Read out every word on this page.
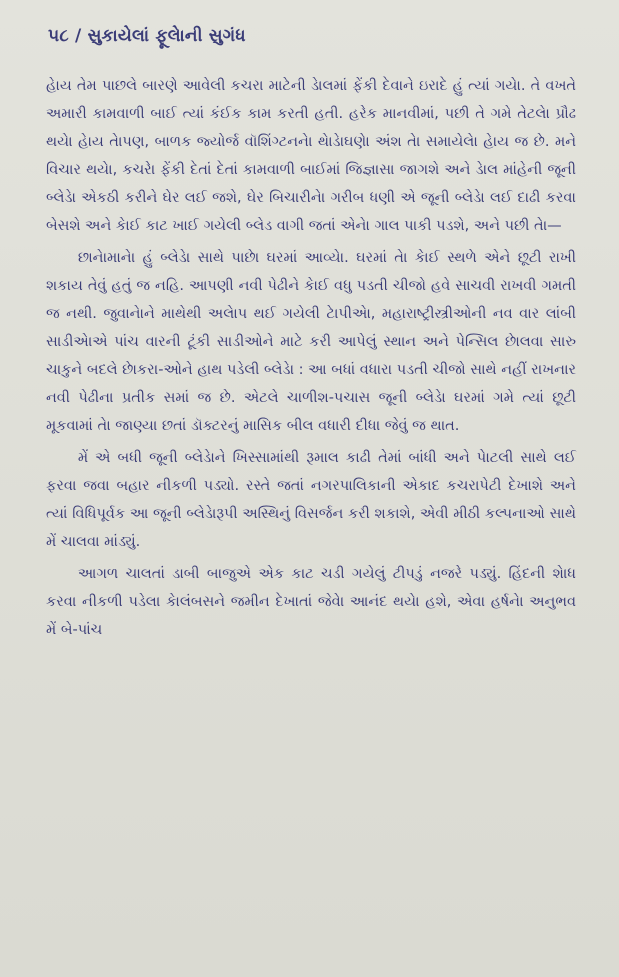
૫૮ / સુકાયેલાં ફૂલેાની સુગંધ

હેાય તેમ પાછલે બારણે આવેલી કચરા માટેની ડેાલમાં ફેંકી દેવાને ઇરાદે હું ત્યાં ગયેા. તે વખતે અમારી કામવાળી બાઈ ત્યાં કંઈક કામ કરતી હતી. હરેક માનવીમાં, પછી તે ગમે તેટલેા પ્રૌઢ થયેા હેાય તેાપણ, બાળક જ્યોર્જ વૉશિંગ્ટનનેા થેાડેાઘણેા અંશ તેા સમાયેલેા હેાય જ છે. મને વિચાર થયેા, કચરેા ફેંકી દેતાં દેતાં કામવાળી બાઈમાં જિજ્ઞાસા જાગશે અને ડેાલ માંહેની જૂની બ્લેડેા એકઠી કરીને ઘેર લઈ જશે, ઘેર બિચારીનેા ગરીબ ધણી એ જૂની બ્લેડેા લઈ દાઢી કરવા બેસશે અને કેાઈ કાટ ખાઈ ગયેલી બ્લેડ વાગી જતાં એનેા ગાલ પાકી પડશે, અને પછી તેા—

છાનેામાનેા હું બ્લેડેા સાથે પાછેા ઘરમાં આવ્યેા. ઘરમાં તેા કેાઈ સ્થળે એને છૂટી રાખી શકાય તેવું હતું જ નહિ. આપણી નવી પેઢીને કેાઈ વધુ પડતી ચીજો હવે સાચવી રાખવી ગમતી જ નથી. જુવાનેાને માથેથી અલેાપ થઈ ગયેલી ટેાપીએા, મહારાષ્ટ્રીસ્ત્રીઓની નવ વાર લાંબી સાડીએાએ પાંચ વારની ટૂંકી સાડીઓને માટે કરી આપેલું સ્થાન અને પેન્સિલ છેાલવા સારુ ચાકુને બદલે છેાકરા-ઓને હાથ પડેલી બ્લેડેા : આ બધાં વધારા પડતી ચીજો સાથે નહીં રાખનાર નવી પેઢીના પ્રતીક સમાં જ છે. એટલે ચાળીશ-પચાસ જૂની બ્લેડેા ઘરમાં ગમે ત્યાં છૂટી મૂકવામાં તેા જાણ્યા છતાં ડૉક્ટરનું માસિક બીલ વધારી દીધા જેવું જ થાત.

મેં એ બધી જૂની બ્લેડેાને ખિસ્સામાંથી રૂમાલ કાઢી તેમાં બાંધી અને પેાટલી સાથે લઈ ફરવા જવા બહાર નીકળી પડ્યો. રસ્તે જતાં નગરપાલિકાની એકાદ કચરાપેટી દેખાશે અને ત્યાં વિધિપૂર્વક આ જૂની બ્લેડેારૂપી અસ્થિનું વિસર્જન કરી શકાશે, એવી મીઠી કલ્પનાઓ સાથે મેં ચાલવા માંડ્યું.

આગળ ચાલતાં ડાબી બાજુએ એક કાટ ચડી ગયેલું ટીપડું નજરે પડ્યું. હિંદની શેાધ કરવા નીકળી પડેલા કેાલંબસને જમીન દેખાતાં જેવેા આનંદ થયેા હશે, એવા હર્ષનેા અનુભવ મેં બે-પાંચ
